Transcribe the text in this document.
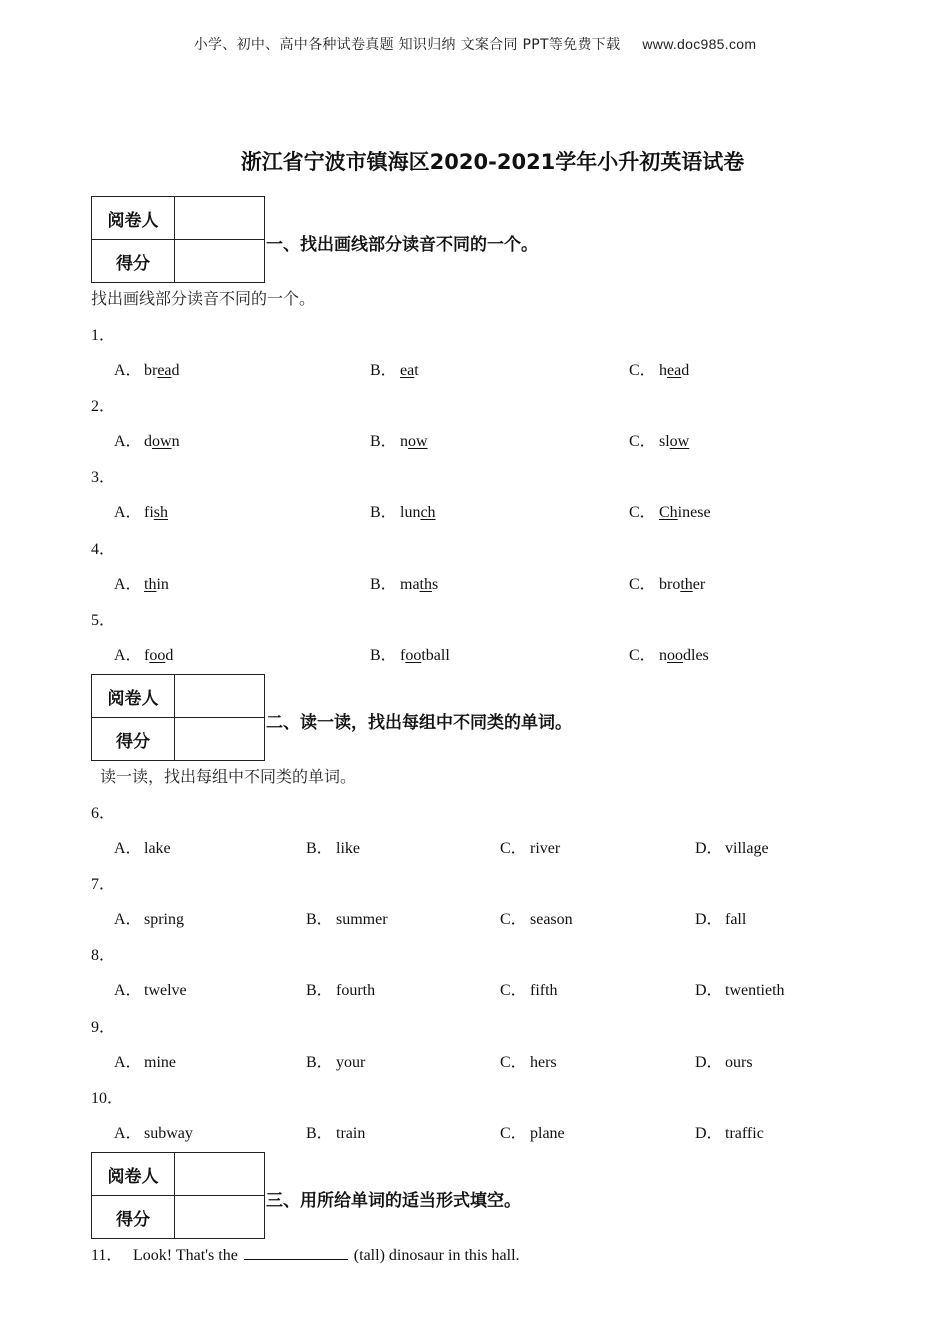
小学、初中、高中各种试卷真题 知识归纳 文案合同 PPT等免费下载 www.doc985.com
浙江省宁波市镇海区2020-2021学年小升初英语试卷
阅卷人	
得分	
一、找出画线部分读音不同的一个。
找出画线部分读音不同的一个。
1．
A． bread	B． eat	C． head
2．
A． down	B． now	C． slow
3．
A． fish	B． lunch	C． Chinese
4．
A． thin	B． maths	C． brother
5．
A． food	B． football	C． noodles
阅卷人	
得分	
二、读一读，找出每组中不同类的单词。
读一读，找出每组中不同类的单词。
6．
A． lake	B． like	C． river	D． village
7．
A． spring	B． summer	C． season	D． fall
8．
A． twelve	B． fourth	C． fifth	D． twentieth
9．
A． mine	B． your	C． hers	D． ours
10．
A． subway	B． train	C． plane	D． traffic
阅卷人	
得分	
三、用所给单词的适当形式填空。
11． Look! That's the	(tall) dinosaur in this hall.
